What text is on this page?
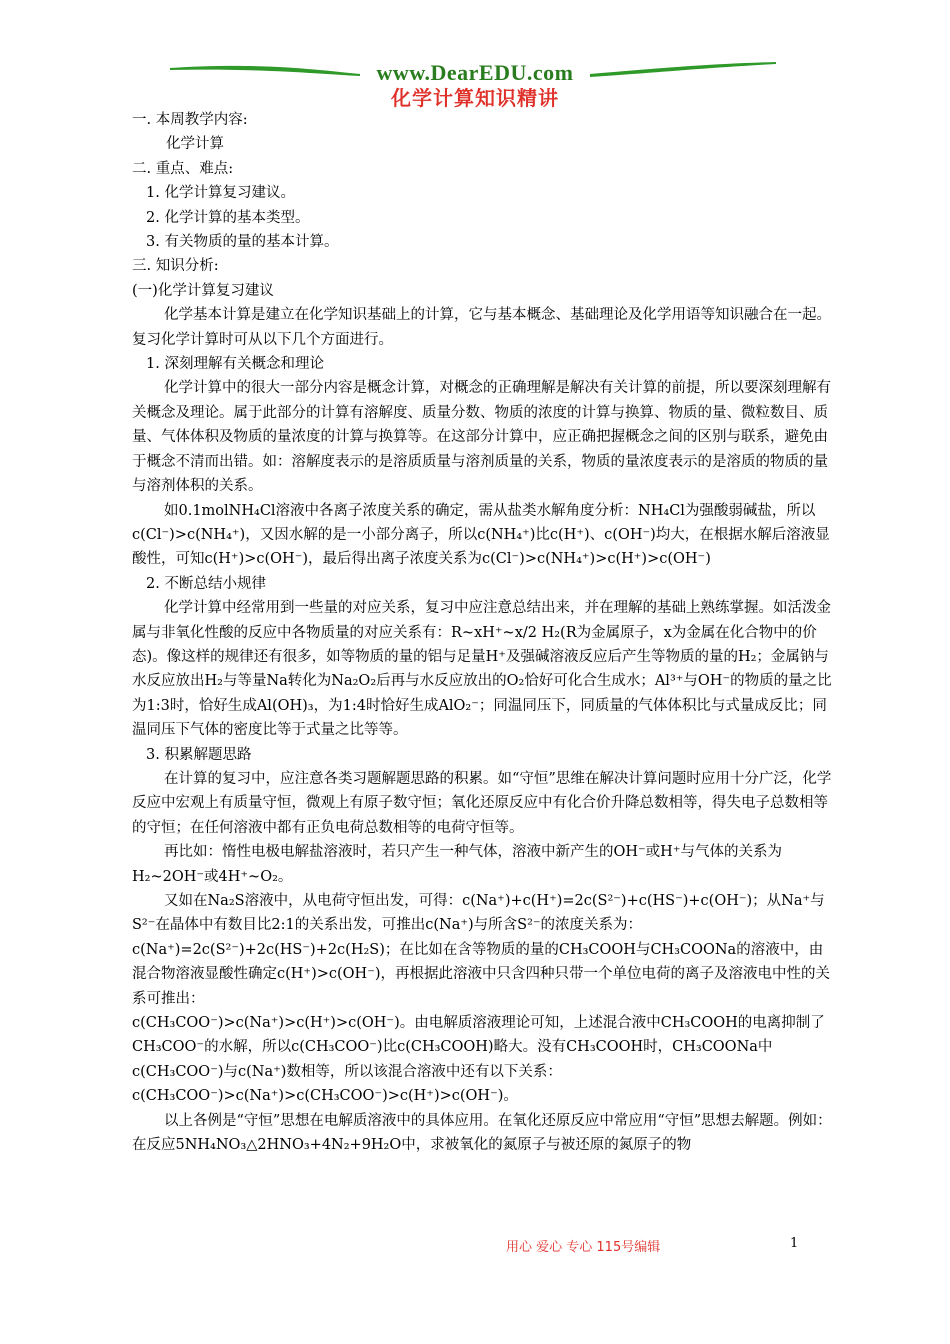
www.DearEDU.com
化学计算知识精讲

一. 本周教学内容:

化学计算

二. 重点、难点:

1. 化学计算复习建议。

2. 化学计算的基本类型。

3. 有关物质的量的基本计算。

三. 知识分析:

(一)化学计算复习建议

化学基本计算是建立在化学知识基础上的计算，它与基本概念、基础理论及化学用语等知识融合在一起。复习化学计算时可从以下几个方面进行。

1. 深刻理解有关概念和理论

化学计算中的很大一部分内容是概念计算，对概念的正确理解是解决有关计算的前提，所以要深刻理解有关概念及理论。属于此部分的计算有溶解度、质量分数、物质的浓度的计算与换算、物质的量、微粒数目、质量、气体体积及物质的量浓度的计算与换算等。在这部分计算中，应正确把握概念之间的区别与联系，避免由于概念不清而出错。如：溶解度表示的是溶质质量与溶剂质量的关系，物质的量浓度表示的是溶质的物质的量与溶剂体积的关系。

如0.1molNH₄Cl溶液中各离子浓度关系的确定，需从盐类水解角度分析：NH₄Cl为强酸弱碱盐，所以c(Cl⁻)>c(NH₄⁺)，又因水解的是一小部分离子，所以c(NH₄⁺)比c(H⁺)、c(OH⁻)均大，在根据水解后溶液显酸性，可知c(H⁺)>c(OH⁻)，最后得出离子浓度关系为c(Cl⁻)>c(NH₄⁺)>c(H⁺)>c(OH⁻)

2. 不断总结小规律

化学计算中经常用到一些量的对应关系，复习中应注意总结出来，并在理解的基础上熟练掌握。如活泼金属与非氧化性酸的反应中各物质量的对应关系有：R~xH⁺~x/2 H₂(R为金属原子，x为金属在化合物中的价态)。像这样的规律还有很多，如等物质的量的铝与足量H⁺及强碱溶液反应后产生等物质的量的H₂；金属钠与水反应放出H₂与等量Na转化为Na₂O₂后再与水反应放出的O₂恰好可化合生成水；Al³⁺与OH⁻的物质的量之比为1:3时，恰好生成Al(OH)₃，为1:4时恰好生成AlO₂⁻；同温同压下，同质量的气体体积比与式量成反比；同温同压下气体的密度比等于式量之比等等。

3. 积累解题思路

在计算的复习中，应注意各类习题解题思路的积累。如“守恒”思维在解决计算问题时应用十分广泛，化学反应中宏观上有质量守恒，微观上有原子数守恒；氧化还原反应中有化合价升降总数相等，得失电子总数相等的守恒；在任何溶液中都有正负电荷总数相等的电荷守恒等。

再比如：惰性电极电解盐溶液时，若只产生一种气体，溶液中新产生的OH⁻或H⁺与气体的关系为H₂~2OH⁻或4H⁺~O₂。

又如在Na₂S溶液中，从电荷守恒出发，可得：c(Na⁺)+c(H⁺)=2c(S²⁻)+c(HS⁻)+c(OH⁻)；从Na⁺与S²⁻在晶体中有数目比2:1的关系出发，可推出c(Na⁺)与所含S²⁻的浓度关系为：c(Na⁺)=2c(S²⁻)+2c(HS⁻)+2c(H₂S)；在比如在含等物质的量的CH₃COOH与CH₃COONa的溶液中，由混合物溶液显酸性确定c(H⁺)>c(OH⁻)，再根据此溶液中只含四种只带一个单位电荷的离子及溶液电中性的关系可推出：

c(CH₃COO⁻)>c(Na⁺)>c(H⁺)>c(OH⁻)。由电解质溶液理论可知，上述混合液中CH₃COOH的电离抑制了CH₃COO⁻的水解，所以c(CH₃COO⁻)比c(CH₃COOH)略大。没有CH₃COOH时，CH₃COONa中c(CH₃COO⁻)与c(Na⁺)数相等，所以该混合溶液中还有以下关系：

c(CH₃COO⁻)>c(Na⁺)>c(CH₃COO⁻)>c(H⁺)>c(OH⁻)。

以上各例是“守恒”思想在电解质溶液中的具体应用。在氧化还原反应中常应用“守恒”思想去解题。例如：在反应5NH₄NO₃△2HNO₃+4N₂+9H₂O中，求被氧化的氮原子与被还原的氮原子的物

用心 爱心 专心 115号编辑	1
